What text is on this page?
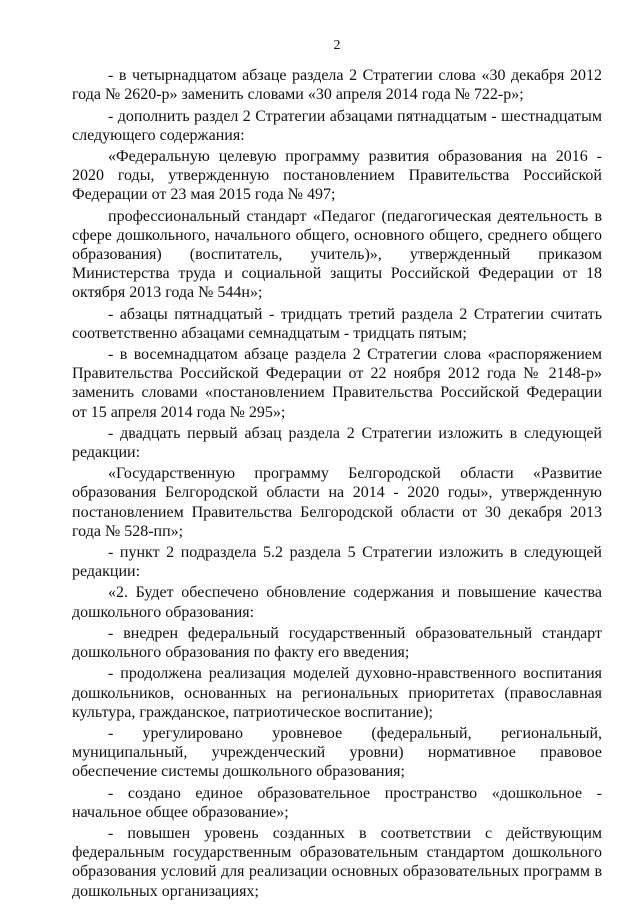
2

- в четырнадцатом абзаце раздела 2 Стратегии слова «30 декабря 2012 года № 2620-р» заменить словами «30 апреля 2014 года № 722-р»;

- дополнить раздел 2 Стратегии абзацами пятнадцатым - шестнадцатым следующего содержания:

«Федеральную целевую программу развития образования на 2016 - 2020 годы, утвержденную постановлением Правительства Российской Федерации от 23 мая 2015 года № 497;

профессиональный стандарт «Педагог (педагогическая деятельность в сфере дошкольного, начального общего, основного общего, среднего общего образования) (воспитатель, учитель)», утвержденный приказом Министерства труда и социальной защиты Российской Федерации от 18 октября 2013 года № 544н»;

- абзацы пятнадцатый - тридцать третий раздела 2 Стратегии считать соответственно абзацами семнадцатым - тридцать пятым;

- в восемнадцатом абзаце раздела 2 Стратегии слова «распоряжением Правительства Российской Федерации от 22 ноября 2012 года № 2148-р» заменить словами «постановлением Правительства Российской Федерации от 15 апреля 2014 года № 295»;

- двадцать первый абзац раздела 2 Стратегии изложить в следующей редакции:

«Государственную программу Белгородской области «Развитие образования Белгородской области на 2014 - 2020 годы», утвержденную постановлением Правительства Белгородской области от 30 декабря 2013 года № 528-пп»;

- пункт 2 подраздела 5.2 раздела 5 Стратегии изложить в следующей редакции:

«2. Будет обеспечено обновление содержания и повышение качества дошкольного образования:

- внедрен федеральный государственный образовательный стандарт дошкольного образования по факту его введения;

- продолжена реализация моделей духовно-нравственного воспитания дошкольников, основанных на региональных приоритетах (православная культура, гражданское, патриотическое воспитание);

- урегулировано уровневое (федеральный, региональный, муниципальный, учрежденческий уровни) нормативное правовое обеспечение системы дошкольного образования;

- создано единое образовательное пространство «дошкольное - начальное общее образование»;

- повышен уровень созданных в соответствии с действующим федеральным государственным образовательным стандартом дошкольного образования условий для реализации основных образовательных программ в дошкольных организациях;
